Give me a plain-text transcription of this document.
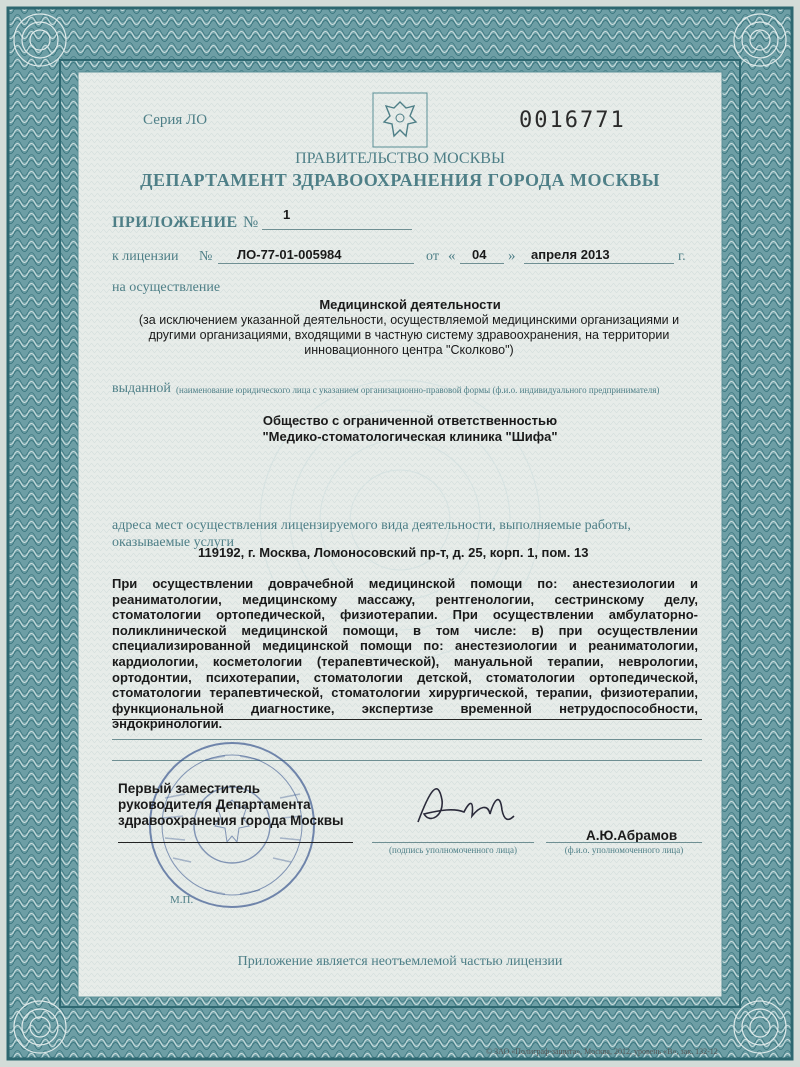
Серия ЛО	0016771
ПРАВИТЕЛЬСТВО МОСКВЫ
ДЕПАРТАМЕНТ ЗДРАВООХРАНЕНИЯ ГОРОДА МОСКВЫ
ПРИЛОЖЕНИЕ № 1
к лицензии № ЛО-77-01-005984	от « 04 » апреля 2013	г.
на осуществление
Медицинской деятельности
(за исключением указанной деятельности, осуществляемой медицинскими организациями и другими организациями, входящими в частную систему здравоохранения, на территории инновационного центра "Сколково")
выданной (наименование юридического лица с указанием организационно-правовой формы (ф.и.о. индивидуального предпринимателя)
Общество с ограниченной ответственностью
"Медико-стоматологическая клиника "Шифа"
адреса мест осуществления лицензируемого вида деятельности, выполняемые работы, оказываемые услуги
119192, г. Москва, Ломоносовский пр-т, д. 25, корп. 1, пом. 13
При осуществлении доврачебной медицинской помощи по: анестезиологии и реаниматологии, медицинскому массажу, рентгенологии, сестринскому делу, стоматологии ортопедической, физиотерапии. При осуществлении амбулаторно-поликлинической медицинской помощи, в том числе: в) при осуществлении специализированной медицинской помощи по: анестезиологии и реаниматологии, кардиологии, косметологии (терапевтической), мануальной терапии, неврологии, ортодонтии, психотерапии, стоматологии детской, стоматологии ортопедической, стоматологии терапевтической, стоматологии хирургической, терапии, физиотерапии, функциональной диагностике, экспертизе временной нетрудоспособности, эндокринологии.
Первый заместитель руководителя Департамента здравоохранения города Москвы
(подпись уполномоченного лица)
А.Ю.Абрамов
(ф.и.о. уполномоченного лица)
М.П.
Приложение является неотъемлемой частью лицензии
© ЗАО «Полиграф-защита», Москва, 2012, уровень «В», зак. 132-12
